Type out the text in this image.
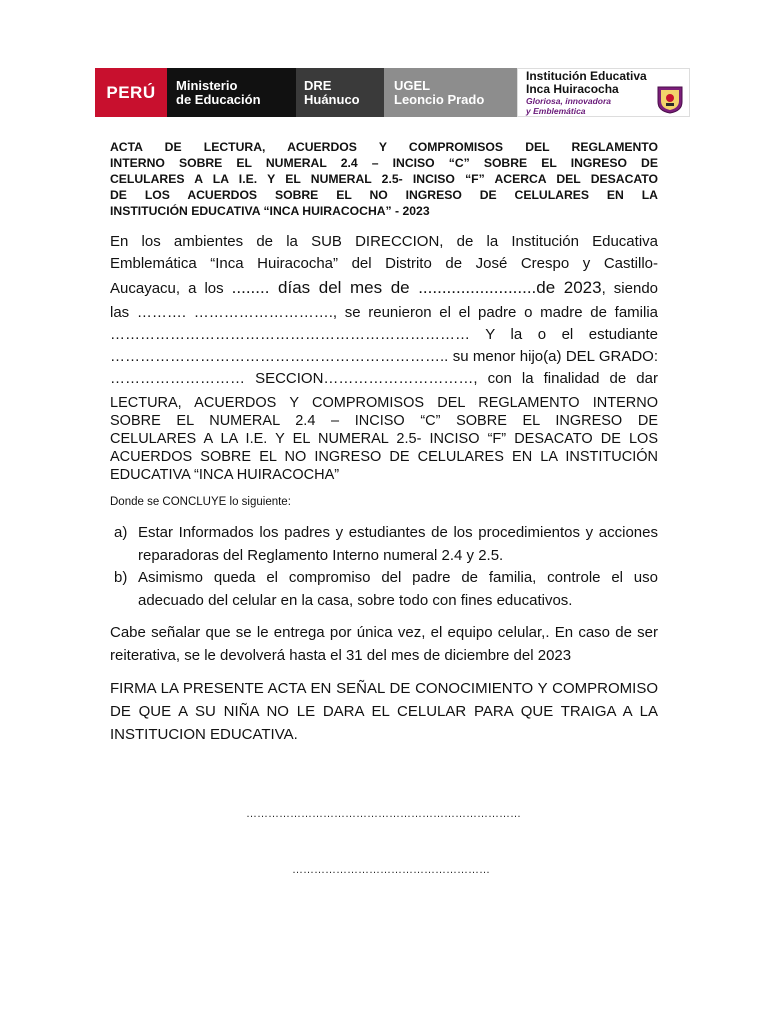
PERÚ Ministerio
de Educación
DRE
Huánuco
UGEL
Leoncio Prado
Institución Educativa
Inca Huiracocha
Gloriosa, innovadora
y Emblemática
ACTA DE LECTURA, ACUERDOS Y COMPROMISOS DEL REGLAMENTO
INTERNO SOBRE EL NUMERAL 2.4 – INCISO “C” SOBRE EL INGRESO DE
CELULARES A LA I.E. Y EL NUMERAL 2.5- INCISO “F” ACERCA DEL DESACATO
DE LOS ACUERDOS SOBRE EL NO INGRESO DE CELULARES EN LA
INSTITUCIÓN EDUCATIVA “INCA HUIRACOCHA” - 2023
En los ambientes de la SUB DIRECCION, de la Institución Educativa
Emblemática “Inca Huiracocha” del Distrito de José Crespo y Castillo-
Aucayacu, a los ........ días del mes de .........................de 2023, siendo
las ………. ………………………., se reunieron el el padre o madre de familia
……………………………………………………………… Y la o el estudiante
………………………………………………………….. su menor hijo(a) DEL GRADO:
……………………… SECCION…………………………, con la finalidad de dar
LECTURA, ACUERDOS Y COMPROMISOS DEL REGLAMENTO INTERNO
SOBRE EL NUMERAL 2.4 – INCISO “C” SOBRE EL INGRESO DE
CELULARES A LA I.E. Y EL NUMERAL 2.5- INCISO “F” DESACATO DE LOS
ACUERDOS SOBRE EL NO INGRESO DE CELULARES EN LA INSTITUCIÓN
EDUCATIVA “INCA HUIRACOCHA”
Donde se CONCLUYE lo siguiente:
a) Estar Informados los padres y estudiantes de los procedimientos y acciones reparadoras del Reglamento Interno numeral 2.4 y 2.5.
b) Asimismo queda el compromiso del padre de familia, controle el uso adecuado del celular en la casa, sobre todo con fines educativos.
Cabe señalar que se le entrega por única vez, el equipo celular,. En caso de ser reiterativa, se le devolverá hasta el 31 del mes de diciembre del 2023
FIRMA LA PRESENTE ACTA EN SEÑAL DE CONOCIMIENTO Y COMPROMISO DE QUE A SU NIÑA NO LE DARA EL CELULAR PARA QUE TRAIGA A LA INSTITUCION EDUCATIVA.
…………………………………………………………………
………………………………………………
